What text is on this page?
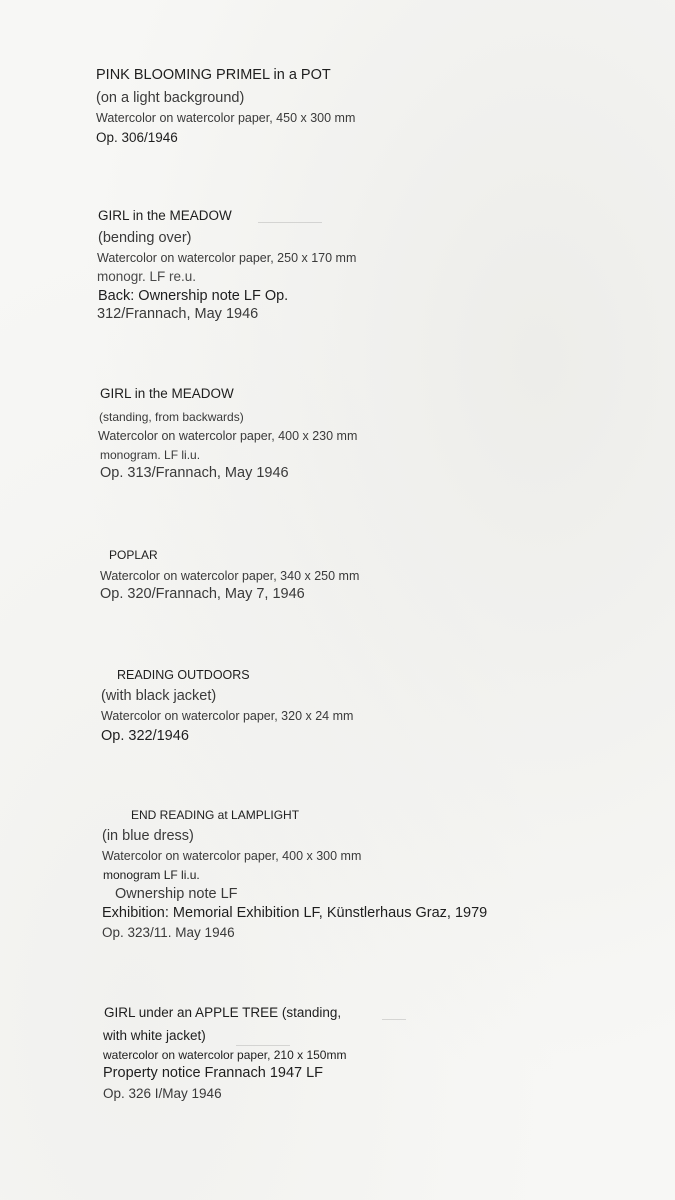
PINK BLOOMING PRIMEL in a POT
(on a light background)
Watercolor on watercolor paper, 450 x 300 mm
Op. 306/1946
GIRL in the MEADOW
(bending over)
Watercolor on watercolor paper, 250 x 170 mm
monogr. LF re.u.
Back: Ownership note LF Op.
312/Frannach, May 1946
GIRL in the MEADOW
(standing, from backwards)
Watercolor on watercolor paper, 400 x 230 mm
monogram. LF li.u.
Op. 313/Frannach, May 1946
POPLAR
Watercolor on watercolor paper, 340 x 250 mm
Op. 320/Frannach, May 7, 1946
READING OUTDOORS
(with black jacket)
Watercolor on watercolor paper, 320 x 24 mm
Op. 322/1946
END READING at LAMPLIGHT
(in blue dress)
Watercolor on watercolor paper, 400 x 300 mm
monogram LF li.u.
Ownership note LF
Exhibition: Memorial Exhibition LF, Künstlerhaus Graz, 1979
Op. 323/11. May 1946
GIRL under an APPLE TREE (standing,
with white jacket)
watercolor on watercolor paper, 210 x 150mm
Property notice Frannach 1947 LF
Op. 326 I/May 1946
